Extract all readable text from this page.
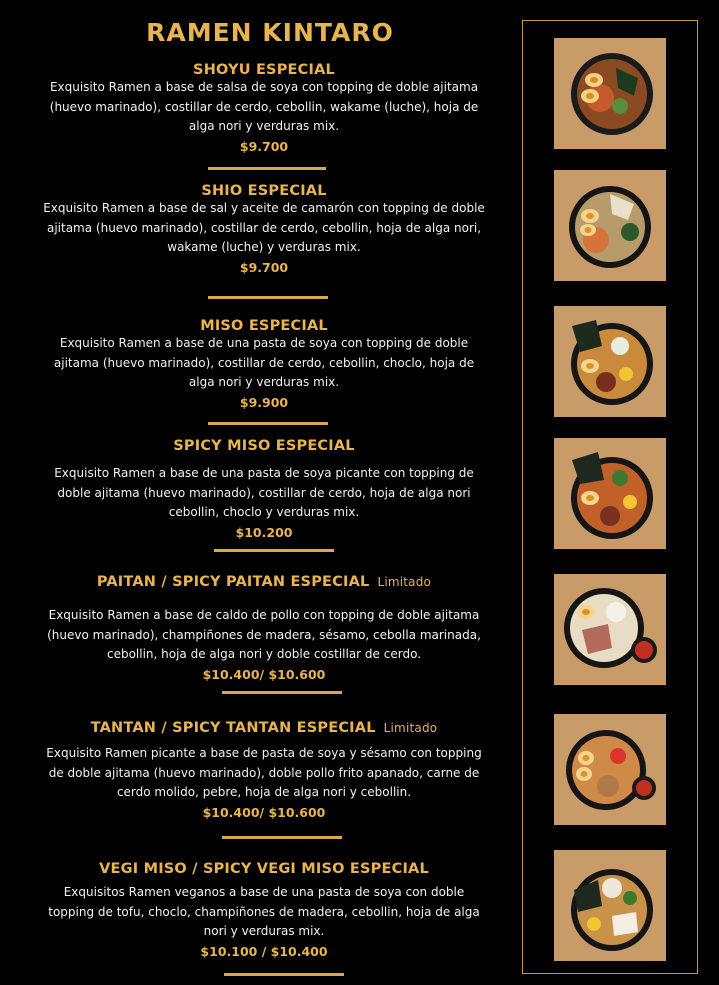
RAMEN KINTARO
SHOYU ESPECIAL

Exquisito Ramen a base de salsa de soya con topping de doble ajitama

(huevo marinado), costillar de cerdo, cebollin, wakame (luche), hoja de

alga nori y verduras mix.

$9.700
SHIO ESPECIAL

Exquisito Ramen a base de sal y aceite de camarón con topping de doble

ajitama (huevo marinado), costillar de cerdo, cebollin, hoja de alga nori,

wakame (luche) y verduras mix.

$9.700
MISO ESPECIAL

Exquisito Ramen a base de una pasta de soya con topping de doble

ajitama (huevo marinado), costillar de cerdo, cebollin, choclo, hoja de

alga nori y verduras mix.

$9.900
SPICY MISO ESPECIAL

Exquisito Ramen a base de una pasta de soya picante con topping de

doble ajitama (huevo marinado), costillar de cerdo, hoja de alga nori

cebollin, choclo y verduras mix.

$10.200
PAITAN / SPICY PAITAN ESPECIAL Limitado

Exquisito Ramen a base de caldo de pollo con topping de doble ajitama

(huevo marinado), champiñones de madera, sésamo, cebolla marinada,

cebollin, hoja de alga nori y doble costillar de cerdo.

$10.400/ $10.600
TANTAN / SPICY TANTAN ESPECIAL Limitado

Exquisito Ramen picante a base de pasta de soya y sésamo con topping

de doble ajitama (huevo marinado), doble pollo frito apanado, carne de

cerdo molido, pebre, hoja de alga nori y cebollin.

$10.400/ $10.600
VEGI MISO / SPICY VEGI MISO ESPECIAL

Exquisitos Ramen veganos a base de una pasta de soya con doble

topping de tofu, choclo, champiñones de madera, cebollin, hoja de alga

nori y verduras mix.

$10.100 / $10.400
